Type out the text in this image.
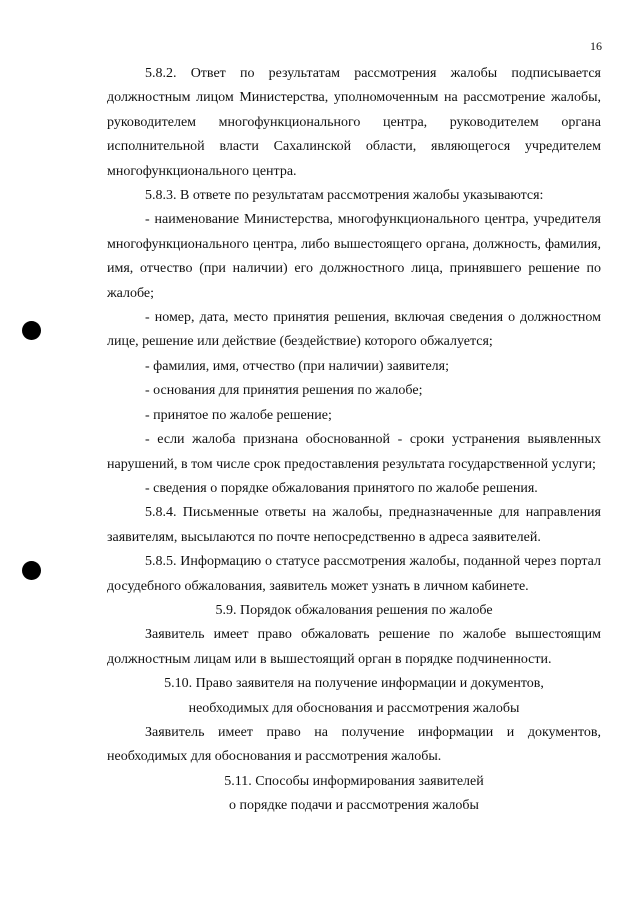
16

5.8.2. Ответ по результатам рассмотрения жалобы подписывается должностным лицом Министерства, уполномоченным на рассмотрение жалобы, руководителем многофункционального центра, руководителем органа исполнительной власти Сахалинской области, являющегося учредителем многофункционального центра.

5.8.3. В ответе по результатам рассмотрения жалобы указываются:

- наименование Министерства, многофункционального центра, учредителя многофункционального центра, либо вышестоящего органа, должность, фамилия, имя, отчество (при наличии) его должностного лица, принявшего решение по жалобе;

- номер, дата, место принятия решения, включая сведения о должностном лице, решение или действие (бездействие) которого обжалуется;

- фамилия, имя, отчество (при наличии) заявителя;

- основания для принятия решения по жалобе;

- принятое по жалобе решение;

- если жалоба признана обоснованной - сроки устранения выявленных нарушений, в том числе срок предоставления результата государственной услуги;

- сведения о порядке обжалования принятого по жалобе решения.

5.8.4. Письменные ответы на жалобы, предназначенные для направления заявителям, высылаются по почте непосредственно в адреса заявителей.

5.8.5. Информацию о статусе рассмотрения жалобы, поданной через портал досудебного обжалования, заявитель может узнать в личном кабинете.

5.9. Порядок обжалования решения по жалобе

Заявитель имеет право обжаловать решение по жалобе вышестоящим должностным лицам или в вышестоящий орган в порядке подчиненности.

5.10. Право заявителя на получение информации и документов,

необходимых для обоснования и рассмотрения жалобы

Заявитель имеет право на получение информации и документов, необходимых для обоснования и рассмотрения жалобы.

5.11. Способы информирования заявителей

о порядке подачи и рассмотрения жалобы
